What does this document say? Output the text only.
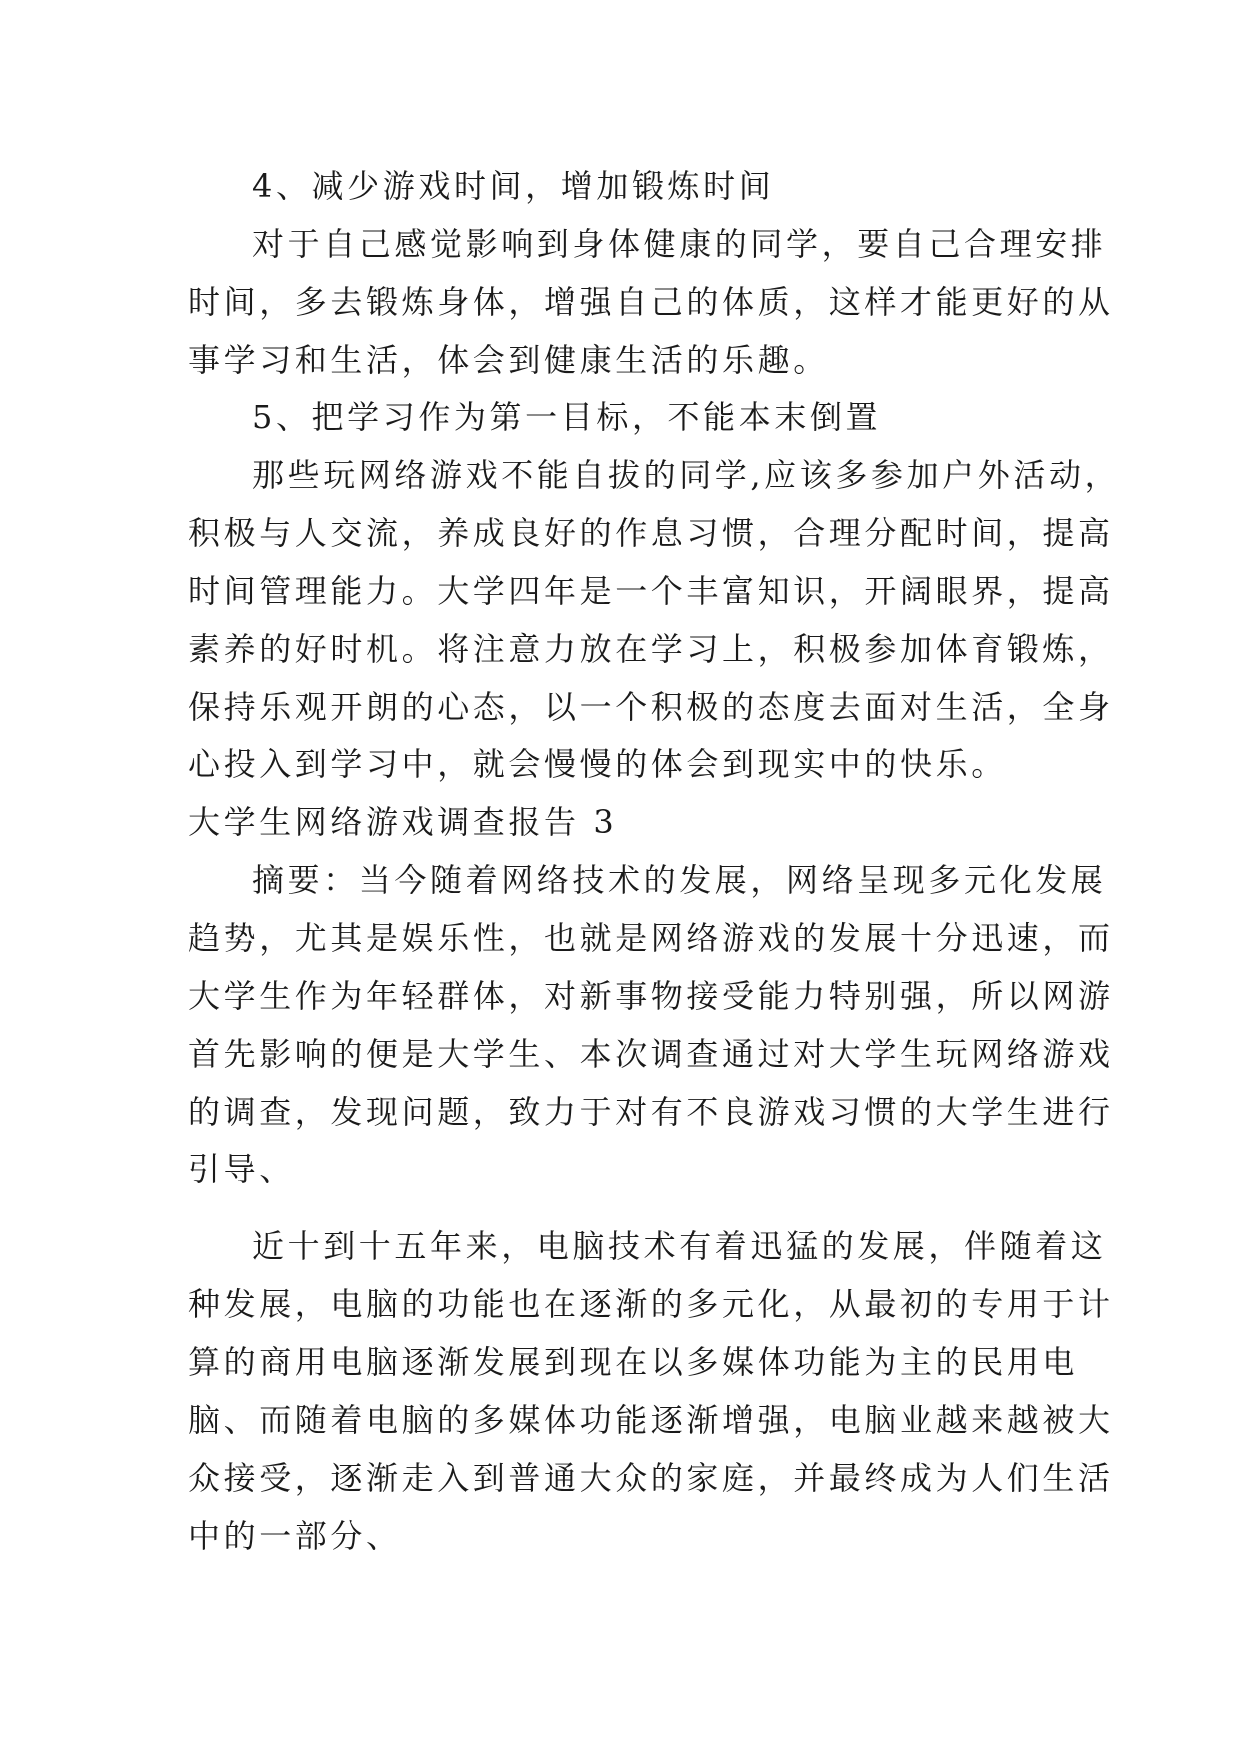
4、减少游戏时间，增加锻炼时间

对于自己感觉影响到身体健康的同学，要自己合理安排

时间，多去锻炼身体，增强自己的体质，这样才能更好的从

事学习和生活，体会到健康生活的乐趣。

5、把学习作为第一目标，不能本末倒置

那些玩网络游戏不能自拔的同学,应该多参加户外活动，

积极与人交流，养成良好的作息习惯，合理分配时间，提高

时间管理能力。大学四年是一个丰富知识，开阔眼界，提高

素养的好时机。将注意力放在学习上，积极参加体育锻炼，

保持乐观开朗的心态，以一个积极的态度去面对生活，全身

心投入到学习中，就会慢慢的体会到现实中的快乐。

大学生网络游戏调查报告 3

摘要：当今随着网络技术的发展，网络呈现多元化发展

趋势，尤其是娱乐性，也就是网络游戏的发展十分迅速，而

大学生作为年轻群体，对新事物接受能力特别强，所以网游

首先影响的便是大学生、本次调查通过对大学生玩网络游戏

的调查，发现问题，致力于对有不良游戏习惯的大学生进行

引导、

近十到十五年来，电脑技术有着迅猛的发展，伴随着这

种发展，电脑的功能也在逐渐的多元化，从最初的专用于计

算的商用电脑逐渐发展到现在以多媒体功能为主的民用电

脑、而随着电脑的多媒体功能逐渐增强，电脑业越来越被大

众接受，逐渐走入到普通大众的家庭，并最终成为人们生活

中的一部分、
